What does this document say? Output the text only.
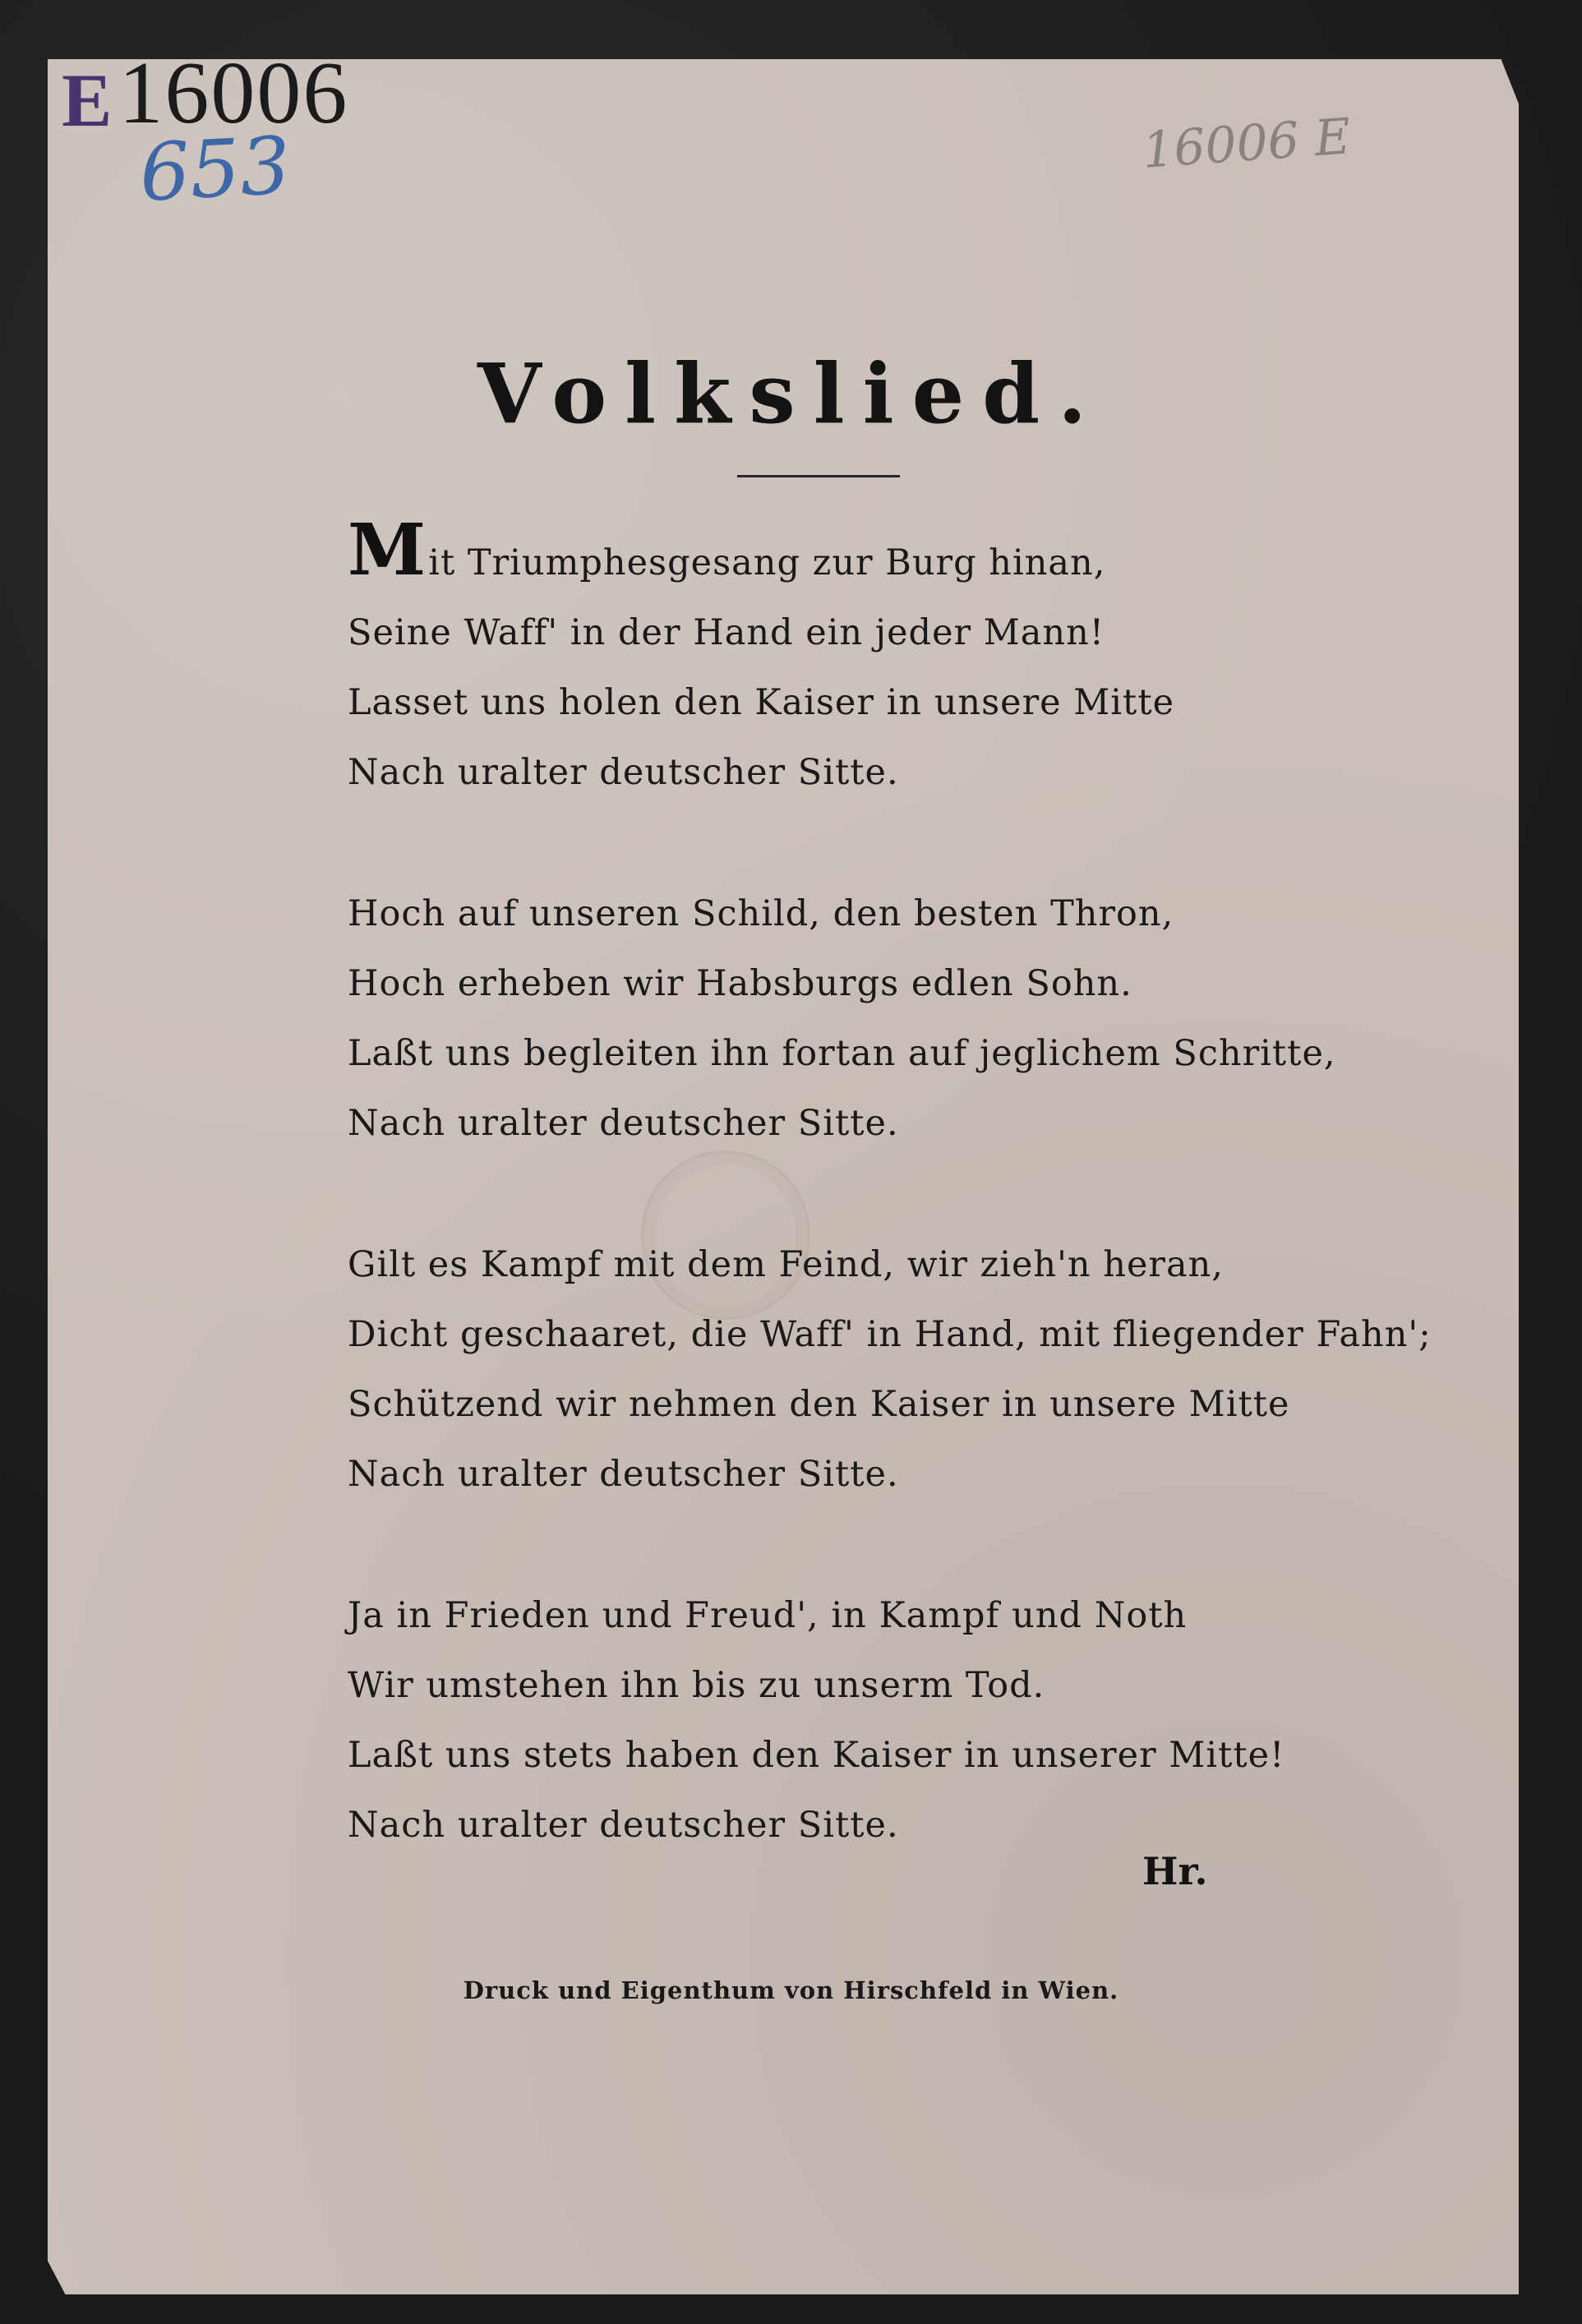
E 16006
653	16006 E
Volkslied.
Mit Triumphesgesang zur Burg hinan,
Seine Waff' in der Hand ein jeder Mann!
Lasset uns holen den Kaiser in unsere Mitte
Nach uralter deutscher Sitte.
Hoch auf unseren Schild, den besten Thron,
Hoch erheben wir Habsburgs edlen Sohn.
Laßt uns begleiten ihn fortan auf jeglichem Schritte,
Nach uralter deutscher Sitte.
Gilt es Kampf mit dem Feind, wir zieh'n heran,
Dicht geschaaret, die Waff' in Hand, mit fliegender Fahn';
Schützend wir nehmen den Kaiser in unsere Mitte
Nach uralter deutscher Sitte.
Ja in Frieden und Freud', in Kampf und Noth
Wir umstehen ihn bis zu unserm Tod.
Laßt uns stets haben den Kaiser in unserer Mitte!
Nach uralter deutscher Sitte.
Hr.
Druck und Eigenthum von Hirschfeld in Wien.
